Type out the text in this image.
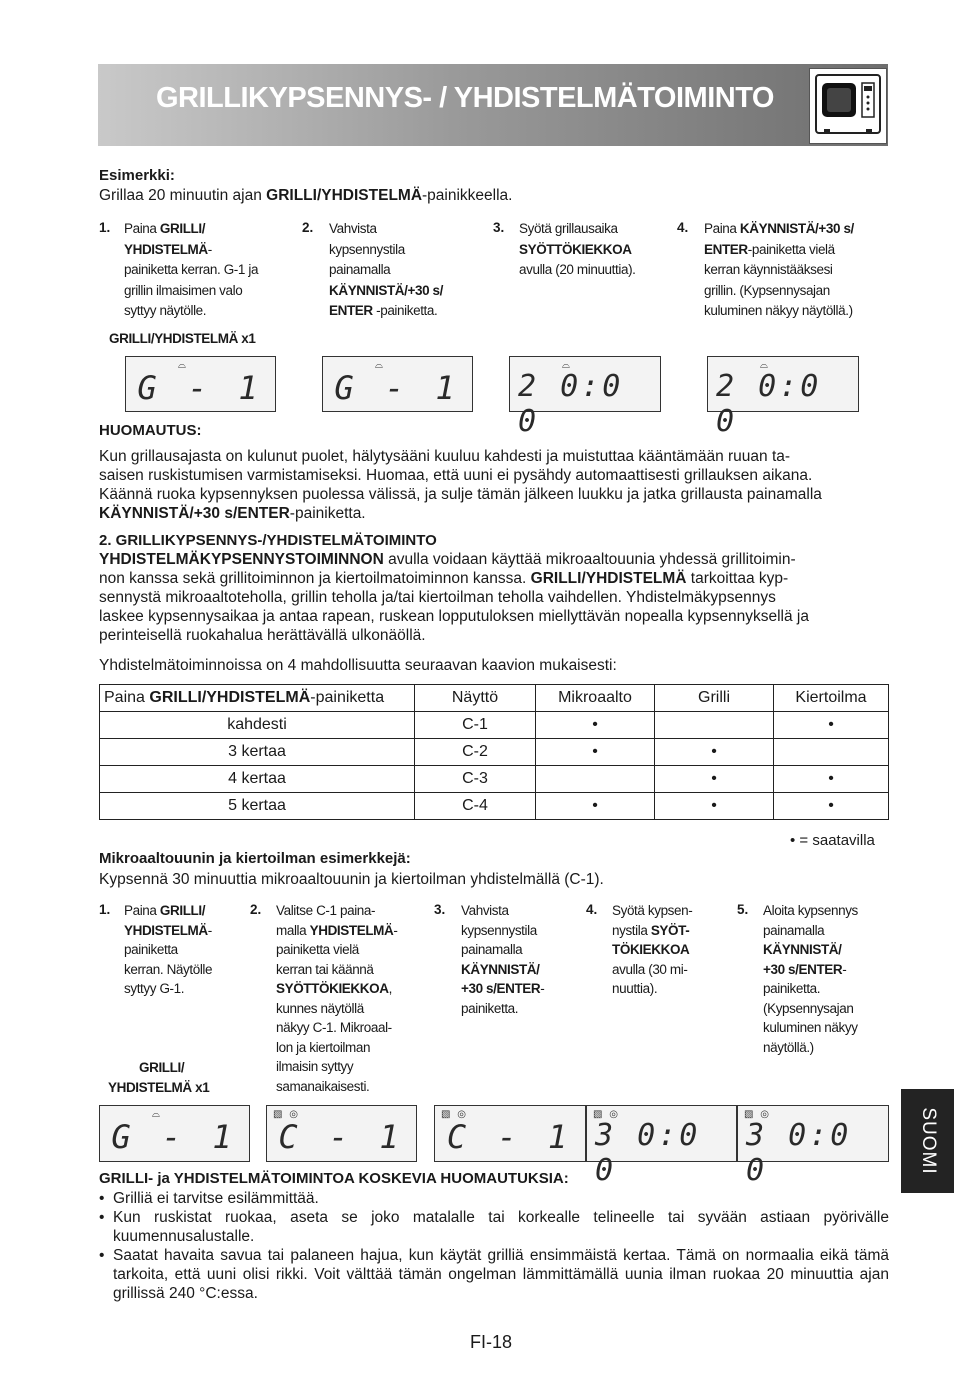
GRILLIKYPSENNYS- / YHDISTELMÄTOIMINTO
Esimerkki:
Grillaa 20 minuutin ajan GRILLI/YHDISTELMÄ-painikkeella.
1. Paina GRILLI/
YHDISTELMÄ-
painiketta kerran. G-1 ja
grillin ilmaisimen valo
syttyy näytölle.
2. Vahvista
kypsennystila
painamalla
KÄYNNISTÄ/+30 s/
ENTER -painiketta.
3. Syötä grillausaika
SYÖTTÖKIEKKOA
avulla (20 minuuttia).
4. Paina KÄYNNISTÄ/+30 s/
ENTER-painiketta vielä
kerran käynnistääksesi
grillin. (Kypsennysajan
kuluminen näkyy näytöllä.)
GRILLI/YHDISTELMÄ x1
⌓
G - 1
⌓
G - 1
⌓
2 0:0 0
⌓
2 0:0 0
HUOMAUTUS:
Kun grillausajasta on kulunut puolet, hälytysääni kuuluu kahdesti ja muistuttaa kääntämään ruuan ta-
saisen ruskistumisen varmistamiseksi. Huomaa, että uuni ei pysähdy automaattisesti grillauksen aikana.
Käännä ruoka kypsennyksen puolessa välissä, ja sulje tämän jälkeen luukku ja jatka grillausta painamalla
KÄYNNISTÄ/+30 s/ENTER-painiketta.
2. GRILLIKYPSENNYS-/YHDISTELMÄTOIMINTO
YHDISTELMÄKYPSENNYSTOIMINNON avulla voidaan käyttää mikroaaltouunia yhdessä grillitoimin-
non kanssa sekä grillitoiminnon ja kiertoilmatoiminnon kanssa. GRILLI/YHDISTELMÄ tarkoittaa kyp-
sennystä mikroaaltoteholla, grillin teholla ja/tai kiertoilman teholla vaihdellen. Yhdistelmäkypsennys
laskee kypsennysaikaa ja antaa rapean, ruskean lopputuloksen miellyttävän nopealla kypsennyksellä ja
perinteisellä ruokahalua herättävällä ulkonäöllä.
Yhdistelmätoiminnoissa on 4 mahdollisuutta seuraavan kaavion mukaisesti:
Paina GRILLI/YHDISTELMÄ-painiketta	Näyttö	Mikroaalto	Grilli	Kiertoilma
kahdesti	C-1	•		•
3 kertaa	C-2	•	•	
4 kertaa	C-3		•	•
5 kertaa	C-4	•	•	•
• = saatavilla
Mikroaaltouunin ja kiertoilman esimerkkejä:
Kypsennä 30 minuuttia mikroaaltouunin ja kiertoilman yhdistelmällä (C-1).
1. Paina GRILLI/
YHDISTELMÄ-
painiketta
kerran. Näytölle
syttyy G-1.
2. Valitse C-1 paina-
malla YHDISTELMÄ-
painiketta vielä
kerran tai käännä
SYÖTTÖKIEKKOA,
kunnes näytöllä
näkyy C-1. Mikroaal-
lon ja kiertoilman
ilmaisin syttyy
samanaikaisesti.
3. Vahvista
kypsennystila
painamalla
KÄYNNISTÄ/
+30 s/ENTER-
painiketta.
4. Syötä kypsen-
nystila SYÖT-
TÖKIEKKOA
avulla (30 mi-
nuuttia).
5. Aloita kypsennys
painamalla
KÄYNNISTÄ/
+30 s/ENTER-
painiketta.
(Kypsennysajan
kuluminen näkyy
näytöllä.)
GRILLI/
YHDISTELMÄ x1
⌓
G - 1
▧ ◎
C - 1
▧ ◎
C - 1
▧ ◎
3 0:0 0
▧ ◎
3 0:0 0
GRILLI- ja YHDISTELMÄTOIMINTOA KOSKEVIA HUOMAUTUKSIA:
• Grilliä ei tarvitse esilämmittää.
• Kun ruskistat ruokaa, aseta se joko matalalle tai korkealle telineelle tai syvään astiaan pyörivälle kuumennusalustalle.
• Saatat havaita savua tai palaneen hajua, kun käytät grilliä ensimmäistä kertaa. Tämä on normaalia eikä tämä tarkoita, että uuni olisi rikki. Voit välttää tämän ongelman lämmittämällä uunia ilman ruokaa 20 minuuttia ajan grillissä 240 °C:essa.
SUOMI
FI-18
